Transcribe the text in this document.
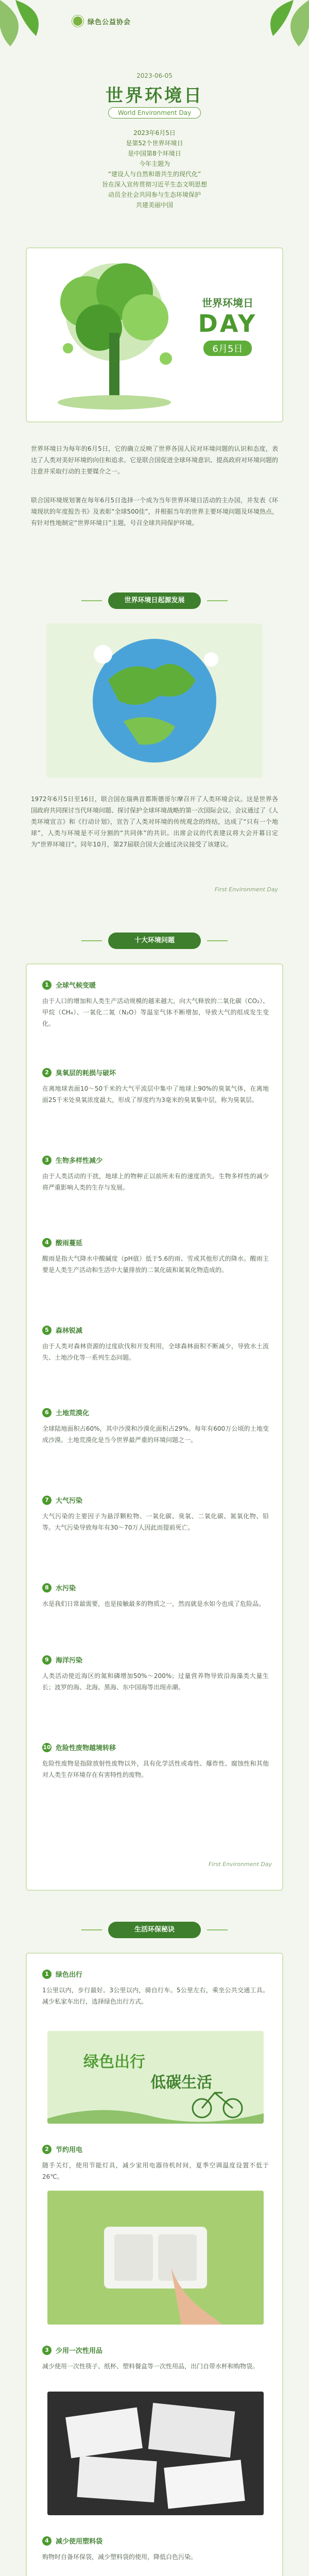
绿色公益协会
2023-06-05
世界环境日
World Environment Day
2023年6月5日
是第52个世界环境日
是中国第8个环境日
今年主题为
“建设人与自然和谐共生的现代化”
旨在深入宣传贯彻习近平生态文明思想
动员全社会共同参与生态环境保护
共建美丽中国
世界环境日
DAY
6月5日
世界环境日为每年的6月5日，它的确立反映了世界各国人民对环境问题的认识和态度，表达了人类对美好环境的向往和追求。它是联合国促进全球环境意识、提高政府对环境问题的注意并采取行动的主要媒介之一。
联合国环境规划署在每年6月5日选择一个成为当年世界环境日活动的主办国，并发表《环境现状的年度报告书》及表彰“全球500佳”，并根据当年的世界主要环境问题及环境热点，有针对性地制定“世界环境日”主题，号召全球共同保护环境。
世界环境日起源发展
1972年6月5日至16日，联合国在瑞典首都斯德哥尔摩召开了人类环境会议。这是世界各国政府共同探讨当代环境问题、探讨保护全球环境战略的第一次国际会议。会议通过了《人类环境宣言》和《行动计划》，宣告了人类对环境的传统观念的终结，达成了“只有一个地球”，人类与环境是不可分割的“共同体”的共识。出席会议的代表建议将大会开幕日定为“世界环境日”。同年10月，第27届联合国大会通过决议接受了该建议。
First Environment Day
十大环境问题
1	全球气候变暖
由于人口的增加和人类生产活动规模的越来越大，向大气释放的二氧化碳（CO₂）、甲烷（CH₄）、一氧化二氮（N₂O）等温室气体不断增加，导致大气的组成发生变化。
2	臭氧层的耗损与破坏
在离地球表面10～50千米的大气平流层中集中了地球上90%的臭氧气体，在离地面25千米处臭氧浓度最大，形成了厚度约为3毫米的臭氧集中层，称为臭氧层。
3	生物多样性减少
由于人类活动的干扰，地球上的物种正以前所未有的速度消失。生物多样性的减少将严重影响人类的生存与发展。
4	酸雨蔓延
酸雨是指大气降水中酸碱度（pH值）低于5.6的雨、雪或其他形式的降水。酸雨主要是人类生产活动和生活中大量排放的二氧化硫和氮氧化物造成的。
5	森林锐减
由于人类对森林资源的过度砍伐和开发利用，全球森林面积不断减少，导致水土流失、土地沙化等一系列生态问题。
6	土地荒漠化
全球陆地面积占60%，其中沙漠和沙漠化面积占29%。每年有600万公顷的土地变成沙漠。土地荒漠化是当今世界最严重的环境问题之一。
7	大气污染
大气污染的主要因子为悬浮颗粒物、一氧化碳、臭氧、二氧化碳、氮氧化物、铅等。大气污染导致每年有30～70万人因此而提前死亡。
8	水污染
水是我们日常最需要，也是接触最多的物质之一，然而就是水如今也成了危险品。
9	海洋污染
人类活动使近海区的氮和磷增加50%～200%；过量营养物导致沿海藻类大量生长；波罗的海、北海、黑海、东中国海等出现赤潮。
10 危险性废物越境转移
危险性废物是指除放射性废物以外，具有化学活性或毒性、爆炸性、腐蚀性和其他对人类生存环境存在有害特性的废物。
First Environment Day
生活环保秘诀
1	绿色出行
1公里以内，步行最好。3公里以内，骑自行车。5公里左右，乘坐公共交通工具。减少私家车出行，选择绿色出行方式。
绿色出行
低碳生活
2	节约用电
随手关灯，使用节能灯具，减少家用电器待机时间，夏季空调温度设置不低于26℃。
3	少用一次性用品
减少使用一次性筷子、纸杯、塑料餐盒等一次性用品，出门自带水杯和购物袋。
4	减少使用塑料袋
购物时自备环保袋，减少塑料袋的使用，降低白色污染。
